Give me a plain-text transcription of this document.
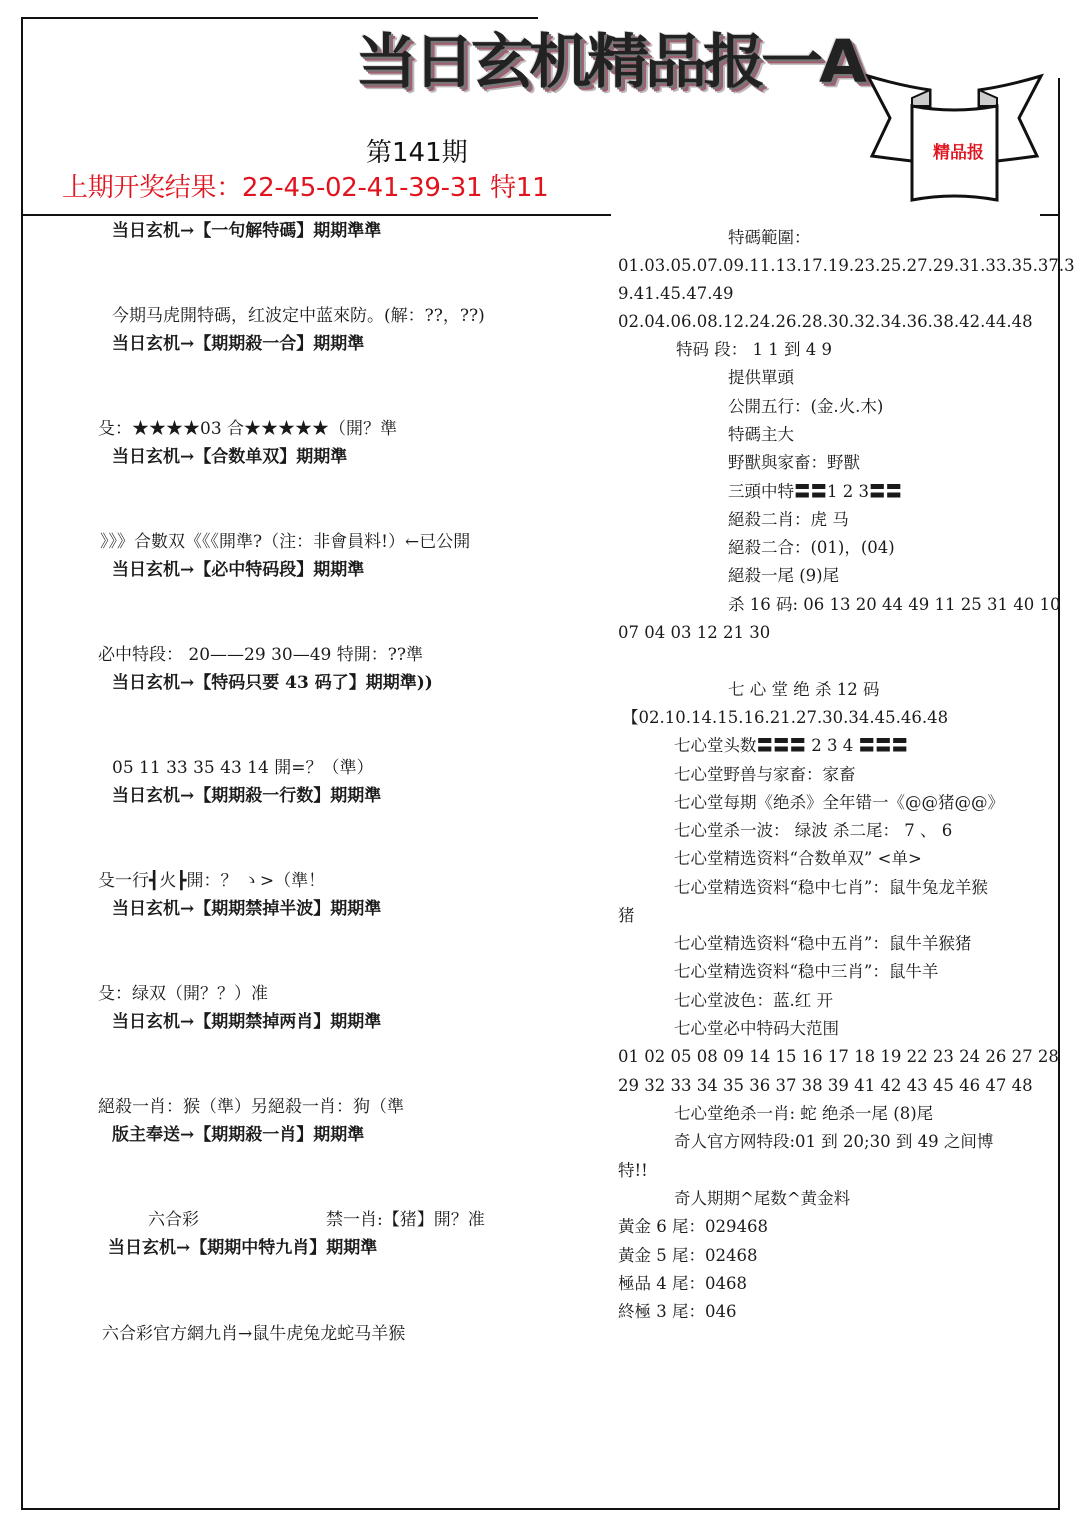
当日玄机精品报一A
第141期
上期开奖结果：22-45-02-41-39-31 特11
精品报
当日玄机→【一句解特碼】期期準準
今期马虎開特碼，红波定中蓝來防。(解：??，??)
当日玄机→【期期殺一合】期期準
殳：★★★★03 合★★★★★（開？準
当日玄机→【合数单双】期期準
》》》合數双《《《開準?（注：非會員料!）←已公開
当日玄机→【必中特码段】期期準
必中特段： 20——29 30—49 特開：??準
当日玄机→【特码只要 43 码了】期期準))
05 11 33 35 43 14 開=？（準）
当日玄机→【期期殺一行数】期期準
殳一行┫火┣開：？ ゝ>（準！
当日玄机→【期期禁掉半波】期期準
殳：绿双（開？？）准
当日玄机→【期期禁掉两肖】期期準
絕殺一肖：猴（準）另絕殺一肖：狗（準
版主奉送→【期期殺一肖】期期準
六合彩	禁一肖:【猪】開？准
当日玄机→【期期中特九肖】期期準
六合彩官方網九肖→鼠牛虎兔龙蛇马羊猴
特碼範圍：
01.03.05.07.09.11.13.17.19.23.25.27.29.31.33.35.37.3
9.41.45.47.49
02.04.06.08.12.24.26.28.30.32.34.36.38.42.44.48
特码 段： 1 1 到 4 9
提供單頭
公開五行：(金.火.木)
特碼主大
野獸與家畜：野獸
三頭中特〓〓1 2 3〓〓
絕殺二肖：虎 马
絕殺二合：(01)，(04)
絕殺一尾 (9)尾
杀 16 码: 06 13 20 44 49 11 25 31 40 10
07 04 03 12 21 30
七 心 堂 绝 杀 12 码
【02.10.14.15.16.21.27.30.34.45.46.48
七心堂头数〓〓〓 2 3 4 〓〓〓
七心堂野兽与家畜：家畜
七心堂每期《绝杀》全年错一《@@猪@@》
七心堂杀一波： 绿波 杀二尾： 7 、 6
七心堂精选资料“合数单双” <单>
七心堂精选资料“稳中七肖”：鼠牛兔龙羊猴
猪
七心堂精选资料“稳中五肖”：鼠牛羊猴猪
七心堂精选资料“稳中三肖”：鼠牛羊
七心堂波色：蓝.红 开
七心堂必中特码大范围
01 02 05 08 09 14 15 16 17 18 19 22 23 24 26 27 28
29 32 33 34 35 36 37 38 39 41 42 43 45 46 47 48
七心堂绝杀一肖: 蛇 绝杀一尾 (8)尾
奇人官方网特段:01 到 20;30 到 49 之间博
特!!
奇人期期^尾数^黄金料
黃金 6 尾：029468
黃金 5 尾：02468
極品 4 尾：0468
終極 3 尾：046
